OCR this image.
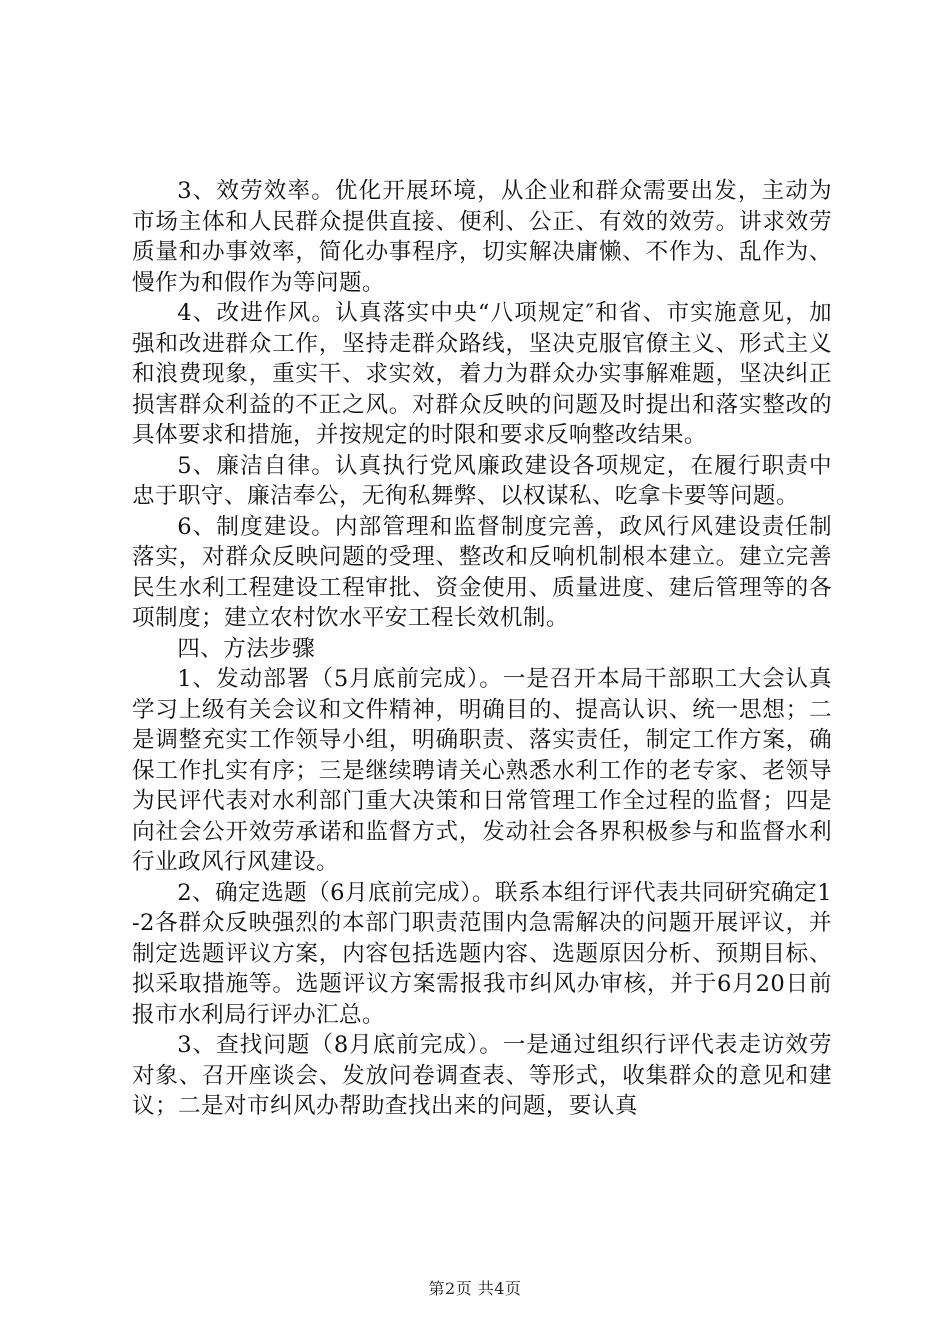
3、效劳效率。优化开展环境，从企业和群众需要出发，主动为市场主体和人民群众提供直接、便利、公正、有效的效劳。讲求效劳质量和办事效率，简化办事程序，切实解决庸懒、不作为、乱作为、慢作为和假作为等问题。

4、改进作风。认真落实中央“八项规定″和省、市实施意见，加强和改进群众工作，坚持走群众路线，坚决克服官僚主义、形式主义和浪费现象，重实干、求实效，着力为群众办实事解难题，坚决纠正损害群众利益的不正之风。对群众反映的问题及时提出和落实整改的具体要求和措施，并按规定的时限和要求反响整改结果。

5、廉洁自律。认真执行党风廉政建设各项规定，在履行职责中忠于职守、廉洁奉公，无徇私舞弊、以权谋私、吃拿卡要等问题。

6、制度建设。内部管理和监督制度完善，政风行风建设责任制落实，对群众反映问题的受理、整改和反响机制根本建立。建立完善民生水利工程建设工程审批、资金使用、质量进度、建后管理等的各项制度；建立农村饮水平安工程长效机制。

四、方法步骤

1、发动部署（5月底前完成）。一是召开本局干部职工大会认真学习上级有关会议和文件精神，明确目的、提高认识、统一思想；二是调整充实工作领导小组，明确职责、落实责任，制定工作方案，确保工作扎实有序；三是继续聘请关心熟悉水利工作的老专家、老领导为民评代表对水利部门重大决策和日常管理工作全过程的监督；四是向社会公开效劳承诺和监督方式，发动社会各界积极参与和监督水利行业政风行风建设。

2、确定选题（6月底前完成）。联系本组行评代表共同研究确定1-2各群众反映强烈的本部门职责范围内急需解决的问题开展评议，并制定选题评议方案，内容包括选题内容、选题原因分析、预期目标、拟采取措施等。选题评议方案需报我市纠风办审核，并于6月20日前报市水利局行评办汇总。

3、查找问题（8月底前完成）。一是通过组织行评代表走访效劳对象、召开座谈会、发放问卷调查表、等形式，收集群众的意见和建议；二是对市纠风办帮助查找出来的问题，要认真

第2页 共4页
